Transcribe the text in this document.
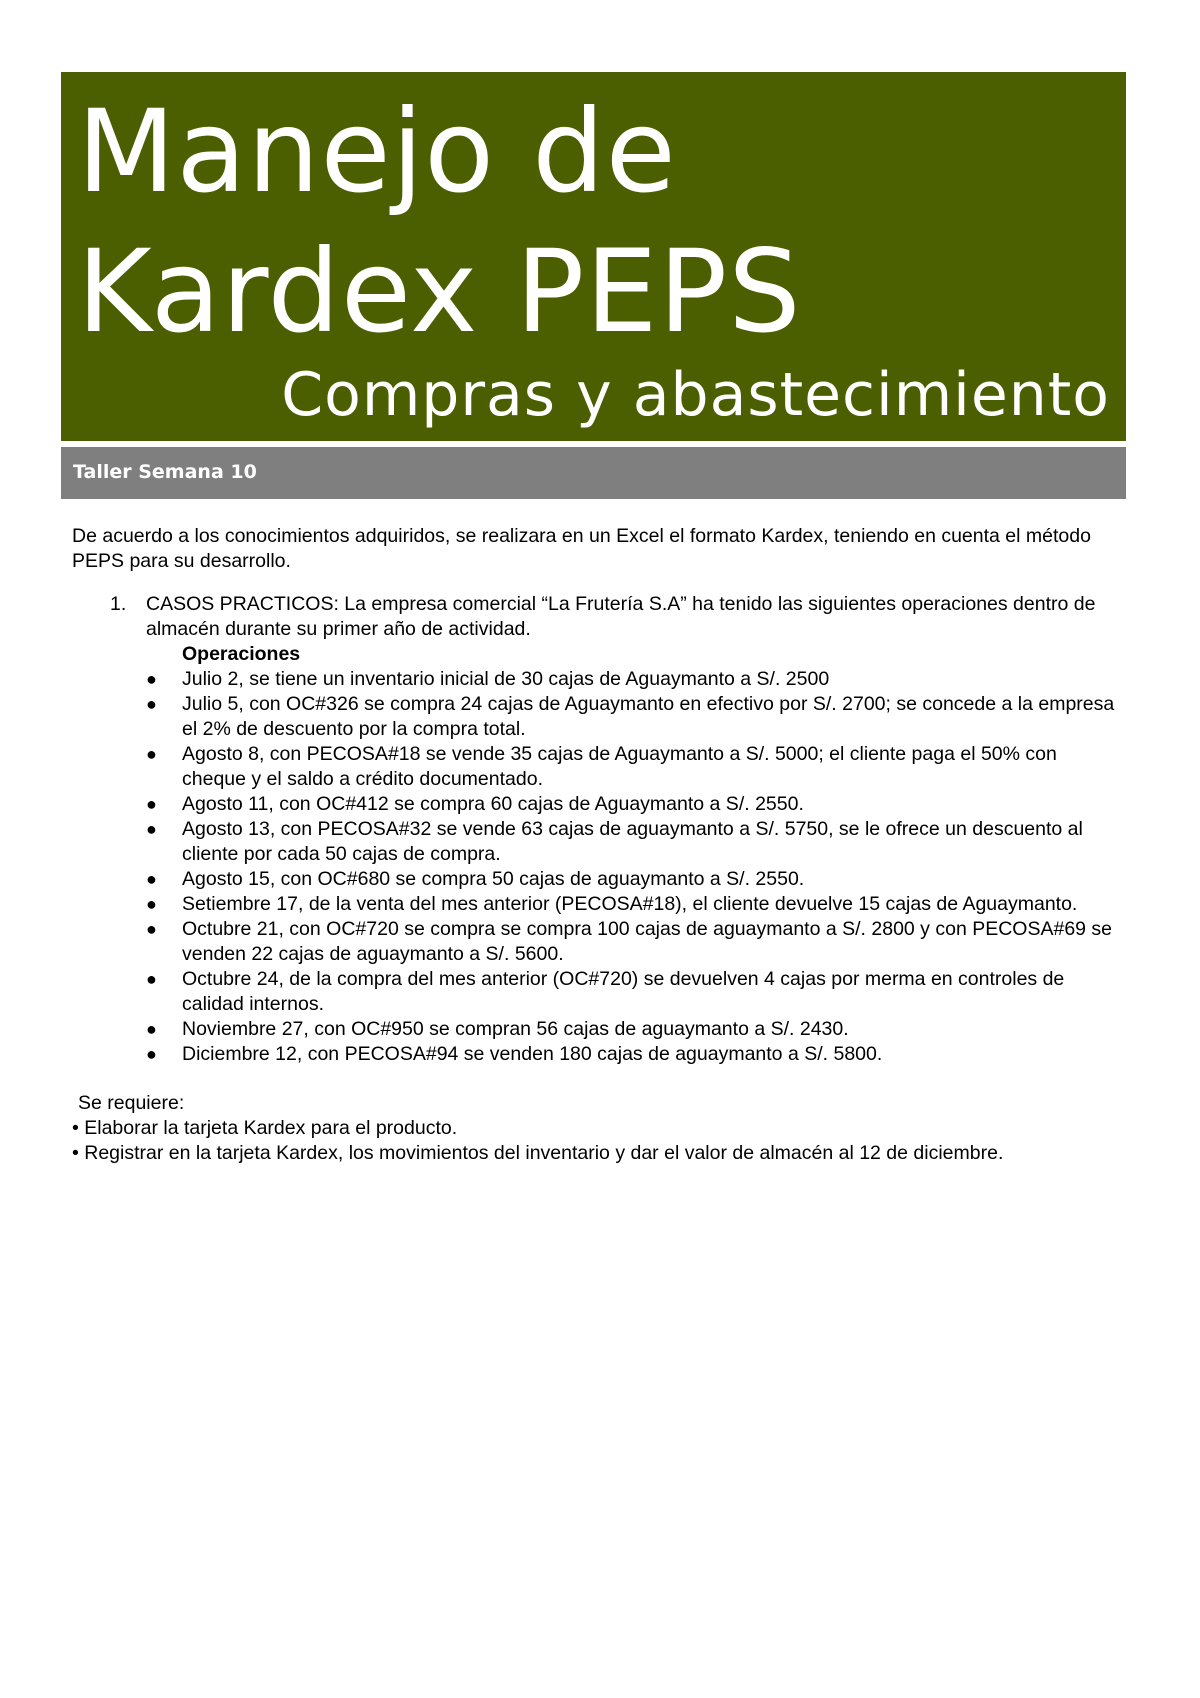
Manejo de
Kardex PEPS
Compras y abastecimiento
Taller Semana 10

De acuerdo a los conocimientos adquiridos, se realizara en un Excel el formato Kardex, teniendo en cuenta el método PEPS para su desarrollo.

1. CASOS PRACTICOS: La empresa comercial “La Frutería S.A” ha tenido las siguientes operaciones dentro de almacén durante su primer año de actividad.
Operaciones
● Julio 2, se tiene un inventario inicial de 30 cajas de Aguaymanto a S/. 2500
● Julio 5, con OC#326 se compra 24 cajas de Aguaymanto en efectivo por S/. 2700; se concede a la empresa el 2% de descuento por la compra total.
● Agosto 8, con PECOSA#18 se vende 35 cajas de Aguaymanto a S/. 5000; el cliente paga el 50% con cheque y el saldo a crédito documentado.
● Agosto 11, con OC#412 se compra 60 cajas de Aguaymanto a S/. 2550.
● Agosto 13, con PECOSA#32 se vende 63 cajas de aguaymanto a S/. 5750, se le ofrece un descuento al cliente por cada 50 cajas de compra.
● Agosto 15, con OC#680 se compra 50 cajas de aguaymanto a S/. 2550.
● Setiembre 17, de la venta del mes anterior (PECOSA#18), el cliente devuelve 15 cajas de Aguaymanto.
● Octubre 21, con OC#720 se compra se compra 100 cajas de aguaymanto a S/. 2800 y con PECOSA#69 se venden 22 cajas de aguaymanto a S/. 5600.
● Octubre 24, de la compra del mes anterior (OC#720) se devuelven 4 cajas por merma en controles de calidad internos.
● Noviembre 27, con OC#950 se compran 56 cajas de aguaymanto a S/. 2430.
● Diciembre 12, con PECOSA#94 se venden 180 cajas de aguaymanto a S/. 5800.

Se requiere:

• Elaborar la tarjeta Kardex para el producto.

• Registrar en la tarjeta Kardex, los movimientos del inventario y dar el valor de almacén al 12 de diciembre.
